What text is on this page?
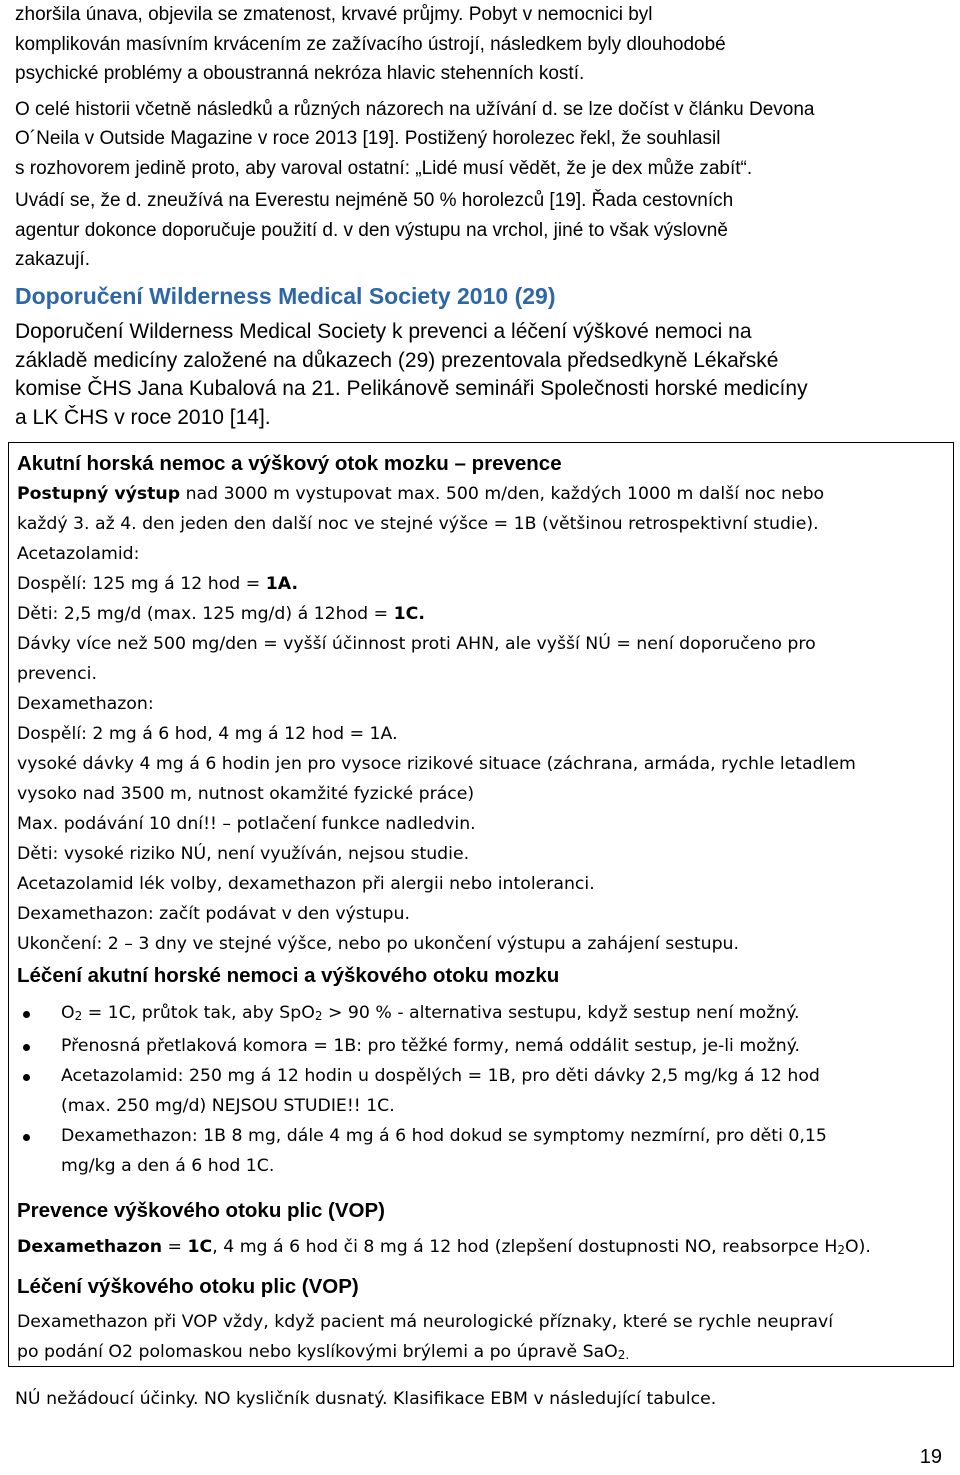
zhoršila únava, objevila se zmatenost, krvavé průjmy. Pobyt v nemocnici byl
komplikován masívním krvácením ze zažívacího ústrojí, následkem byly dlouhodobé
psychické problémy a oboustranná nekróza hlavic stehenních kostí.

O celé historii včetně následků a různých názorech na užívání d. se lze dočíst v článku Devona
O´Neila v Outside Magazine v roce 2013 [19]. Postižený horolezec řekl, že souhlasil
s rozhovorem jedině proto, aby varoval ostatní: „Lidé musí vědět, že je dex může zabít“.

Uvádí se, že d. zneužívá na Everestu nejméně 50 % horolezců [19]. Řada cestovních
agentur dokonce doporučuje použití d. v den výstupu na vrchol, jiné to však výslovně
zakazují.

Doporučení Wilderness Medical Society 2010 (29)
Doporučení Wilderness Medical Society k prevenci a léčení výškové nemoci na
základě medicíny založené na důkazech (29) prezentovala předsedkyně Lékařské
komise ČHS Jana Kubalová na 21. Pelikánově semináři Společnosti horské medicíny
a LK ČHS v roce 2010 [14].
Akutní horská nemoc a výškový otok mozku – prevence

Postupný výstup nad 3000 m vystupovat max. 500 m/den, každých 1000 m další noc nebo

každý 3. až 4. den jeden den další noc ve stejné výšce = 1B (většinou retrospektivní studie).

Acetazolamid:

Dospělí: 125 mg á 12 hod = 1A.

Děti: 2,5 mg/d (max. 125 mg/d) á 12hod = 1C.

Dávky více než 500 mg/den = vyšší účinnost proti AHN, ale vyšší NÚ = není doporučeno pro

prevenci.

Dexamethazon:

Dospělí: 2 mg á 6 hod, 4 mg á 12 hod = 1A.

vysoké dávky 4 mg á 6 hodin jen pro vysoce rizikové situace (záchrana, armáda, rychle letadlem

vysoko nad 3500 m, nutnost okamžité fyzické práce)

Max. podávání 10 dní!! – potlačení funkce nadledvin.

Děti: vysoké riziko NÚ, není využíván, nejsou studie.

Acetazolamid lék volby, dexamethazon při alergii nebo intoleranci.

Dexamethazon: začít podávat v den výstupu.

Ukončení: 2 – 3 dny ve stejné výšce, nebo po ukončení výstupu a zahájení sestupu.

Léčení akutní horské nemoci a výškového otoku mozku
$O_2 = 1C$, průtok tak, aby SpO$_2$ > 90 % - alternativa sestupu, když sestup není možný.
Přenosná přetlaková komora = 1B: pro těžké formy, nemá oddálit sestup, je-li možný.
Acetazolamid: 250 mg á 12 hodin u dospělých = 1B, pro děti dávky 2,5 mg/kg á 12 hod
(max. 250 mg/d) NEJSOU STUDIE!! 1C.
Dexamethazon: 1B 8 mg, dále 4 mg á 6 hod dokud se symptomy nezmírní, pro děti 0,15
mg/kg a den á 6 hod 1C.
Prevence výškového otoku plic (VOP)
Dexamethazon = 1C, 4 mg á 6 hod či 8 mg á 12 hod (zlepšení dostupnosti NO, reabsorpce $H_2O$).
Léčení výškového otoku plic (VOP)

Dexamethazon při VOP vždy, když pacient má neurologické příznaky, které se rychle neupraví

po podání O2 polomaskou nebo kyslíkovými brýlemi a po úpravě SaO$_{2.}$

NÚ nežádoucí účinky. NO kysličník dusnatý. Klasifikace EBM v následující tabulce.
19
